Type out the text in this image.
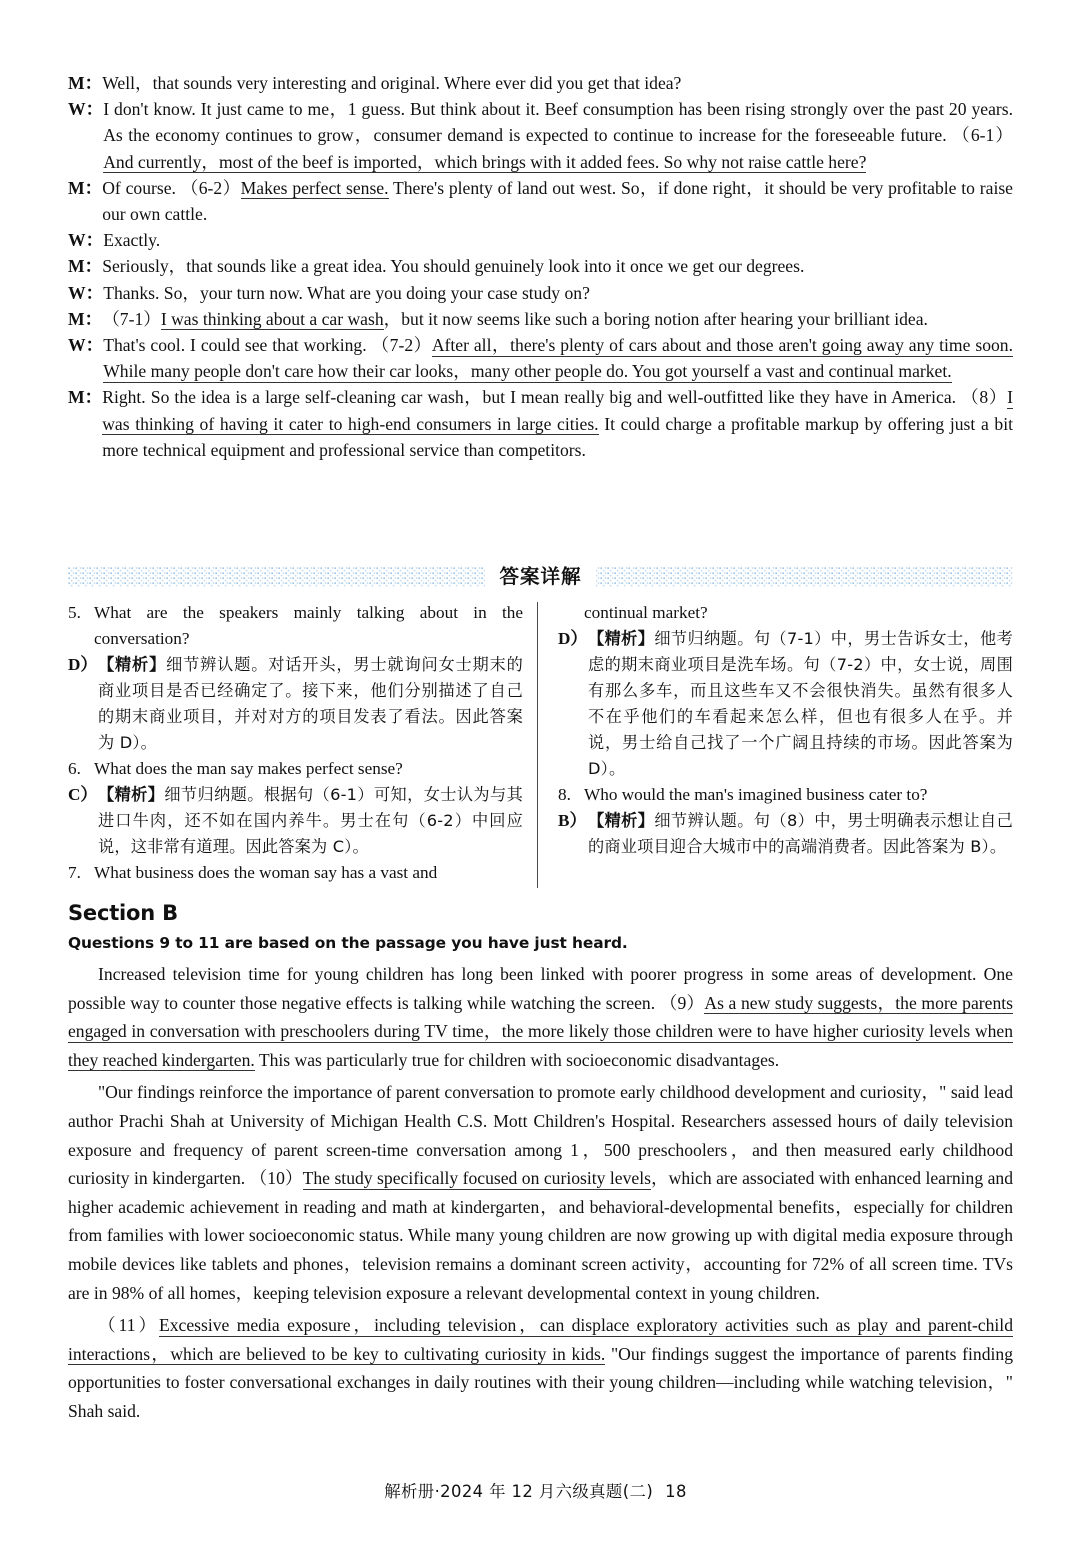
M： Well，that sounds very interesting and original. Where ever did you get that idea?
W： I don't know. It just came to me，1 guess. But think about it. Beef consumption has been rising strongly over the past 20 years. As the economy continues to grow，consumer demand is expected to continue to increase for the foreseeable future. （6-1）And currently，most of the beef is imported，which brings with it added fees. So why not raise cattle here?
M： Of course. （6-2）Makes perfect sense. There's plenty of land out west. So，if done right，it should be very profitable to raise our own cattle.
W： Exactly.
M： Seriously，that sounds like a great idea. You should genuinely look into it once we get our degrees.
W： Thanks. So，your turn now. What are you doing your case study on?
M： （7-1）I was thinking about a car wash，but it now seems like such a boring notion after hearing your brilliant idea.
W： That's cool. I could see that working. （7-2）After all，there's plenty of cars about and those aren't going away any time soon. While many people don't care how their car looks，many other people do. You got yourself a vast and continual market.
M： Right. So the idea is a large self-cleaning car wash，but I mean really big and well-outfitted like they have in America. （8）I was thinking of having it cater to high-end consumers in large cities. It could charge a profitable markup by offering just a bit more technical equipment and professional service than competitors.
答案详解
5. What are the speakers mainly talking about in the conversation?
D） 【精析】细节辨认题。对话开头，男士就询问女士期末的商业项目是否已经确定了。接下来，他们分别描述了自己的期末商业项目，并对对方的项目发表了看法。因此答案为 D）。
6. What does the man say makes perfect sense?
C） 【精析】细节归纳题。根据句（6-1）可知，女士认为与其进口牛肉，还不如在国内养牛。男士在句（6-2）中回应说，这非常有道理。因此答案为 C）。
7. What business does the woman say has a vast and
continual market?
D） 【精析】细节归纳题。句（7-1）中，男士告诉女士，他考虑的期末商业项目是洗车场。句（7-2）中，女士说，周围有那么多车，而且这些车又不会很快消失。虽然有很多人不在乎他们的车看起来怎么样，但也有很多人在乎。并说，男士给自己找了一个广阔且持续的市场。因此答案为 D）。
8. Who would the man's imagined business cater to?
B） 【精析】细节辨认题。句（8）中，男士明确表示想让自己的商业项目迎合大城市中的高端消费者。因此答案为 B）。
Section B
Questions 9 to 11 are based on the passage you have just heard.
Increased television time for young children has long been linked with poorer progress in some areas of development. One possible way to counter those negative effects is talking while watching the screen. （9）As a new study suggests，the more parents engaged in conversation with preschoolers during TV time，the more likely those children were to have higher curiosity levels when they reached kindergarten. This was particularly true for children with socioeconomic disadvantages.
"Our findings reinforce the importance of parent conversation to promote early childhood development and curiosity，" said lead author Prachi Shah at University of Michigan Health C.S. Mott Children's Hospital. Researchers assessed hours of daily television exposure and frequency of parent screen-time conversation among 1，500 preschoolers，and then measured early childhood curiosity in kindergarten. （10）The study specifically focused on curiosity levels，which are associated with enhanced learning and higher academic achievement in reading and math at kindergarten，and behavioral-developmental benefits，especially for children from families with lower socioeconomic status. While many young children are now growing up with digital media exposure through mobile devices like tablets and phones，television remains a dominant screen activity，accounting for 72% of all screen time. TVs are in 98% of all homes，keeping television exposure a relevant developmental context in young children.
（11）Excessive media exposure，including television，can displace exploratory activities such as play and parent-child interactions，which are believed to be key to cultivating curiosity in kids. "Our findings suggest the importance of parents finding opportunities to foster conversational exchanges in daily routines with their young children—including while watching television，" Shah said.
解析册·2024 年 12 月六级真题(二) 18
